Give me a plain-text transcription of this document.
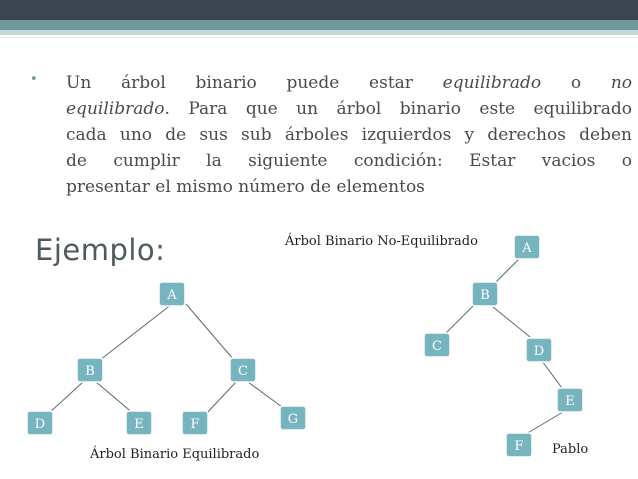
• Un árbol binario puede estar equilibrado o no
equilibrado. Para que un árbol binario este equilibrado
cada uno de sus sub árboles izquierdos y derechos deben
de cumplir la siguiente condición: Estar vacios o
presentar el mismo número de elementos
Ejemplo:	Árbol Binario No-Equilibrado
Árbol Binario Equilibrado	Pablo
A
B	C
D	E	F	G
A
B
C	D
E
F
